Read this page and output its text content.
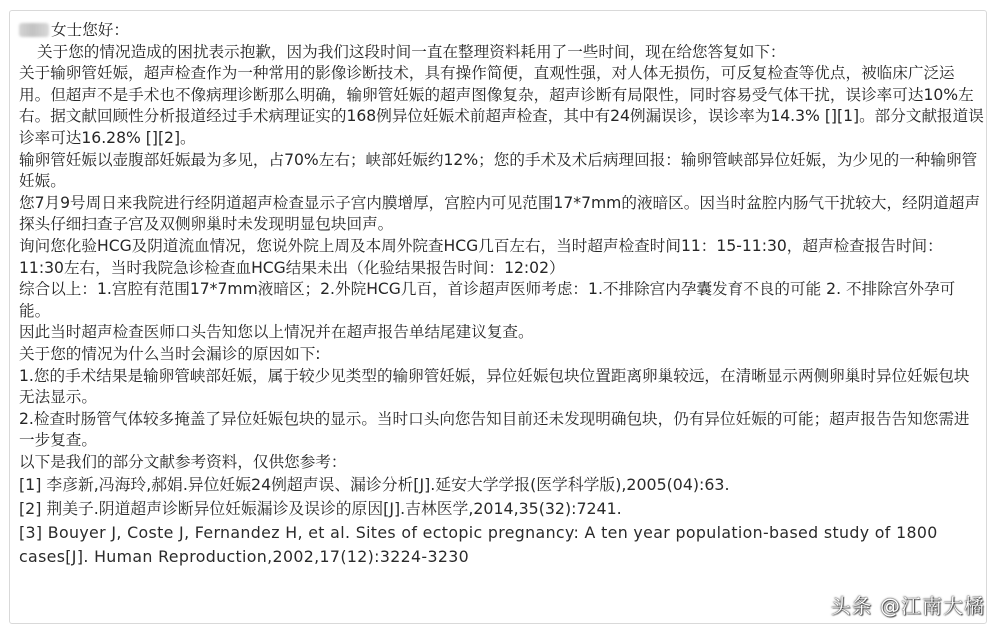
女士您好：

关于您的情况造成的困扰表示抱歉，因为我们这段时间一直在整理资料耗用了一些时间，现在给您答复如下：

关于输卵管妊娠，超声检查作为一种常用的影像诊断技术，具有操作简便，直观性强，对人体无损伤，可反复检查等优点，被临床广泛运用。但超声不是手术也不像病理诊断那么明确，输卵管妊娠的超声图像复杂，超声诊断有局限性，同时容易受气体干扰，误诊率可达10%左右。据文献回顾性分析报道经过手术病理证实的168例异位妊娠术前超声检查，其中有24例漏误诊，误诊率为14.3% [][1]。部分文献报道误诊率可达16.28% [][2]。

输卵管妊娠以壶腹部妊娠最为多见，占70%左右；峡部妊娠约12%；您的手术及术后病理回报：输卵管峡部异位妊娠，为少见的一种输卵管妊娠。

您7月9号周日来我院进行经阴道超声检查显示子宫内膜增厚，宫腔内可见范围17*7mm的液暗区。因当时盆腔内肠气干扰较大，经阴道超声探头仔细扫查子宫及双侧卵巢时未发现明显包块回声。

询问您化验HCG及阴道流血情况，您说外院上周及本周外院查HCG几百左右，当时超声检查时间11：15-11:30，超声检查报告时间：11:30左右，当时我院急诊检查血HCG结果未出（化验结果报告时间：12:02）

综合以上：1.宫腔有范围17*7mm液暗区；2.外院HCG几百，首诊超声医师考虑：1.不排除宫内孕囊发育不良的可能 2. 不排除宫外孕可能。

因此当时超声检查医师口头告知您以上情况并在超声报告单结尾建议复查。

关于您的情况为什么当时会漏诊的原因如下:

1.您的手术结果是输卵管峡部妊娠，属于较少见类型的输卵管妊娠，异位妊娠包块位置距离卵巢较远，在清晰显示两侧卵巢时异位妊娠包块无法显示。

2.检查时肠管气体较多掩盖了异位妊娠包块的显示。当时口头向您告知目前还未发现明确包块，仍有异位妊娠的可能；超声报告告知您需进一步复查。

以下是我们的部分文献参考资料，仅供您参考：

[1] 李彦新,冯海玲,郝娟.异位妊娠24例超声误、漏诊分析[J].延安大学学报(医学科学版),2005(04):63.

[2] 荆美子.阴道超声诊断异位妊娠漏诊及误诊的原因[J].吉林医学,2014,35(32):7241.

[3] Bouyer J, Coste J, Fernandez H, et al. Sites of ectopic pregnancy: A ten year population-based study of 1800 cases[J]. Human Reproduction,2002,17(12):3224-3230

头条 @江南大橘
